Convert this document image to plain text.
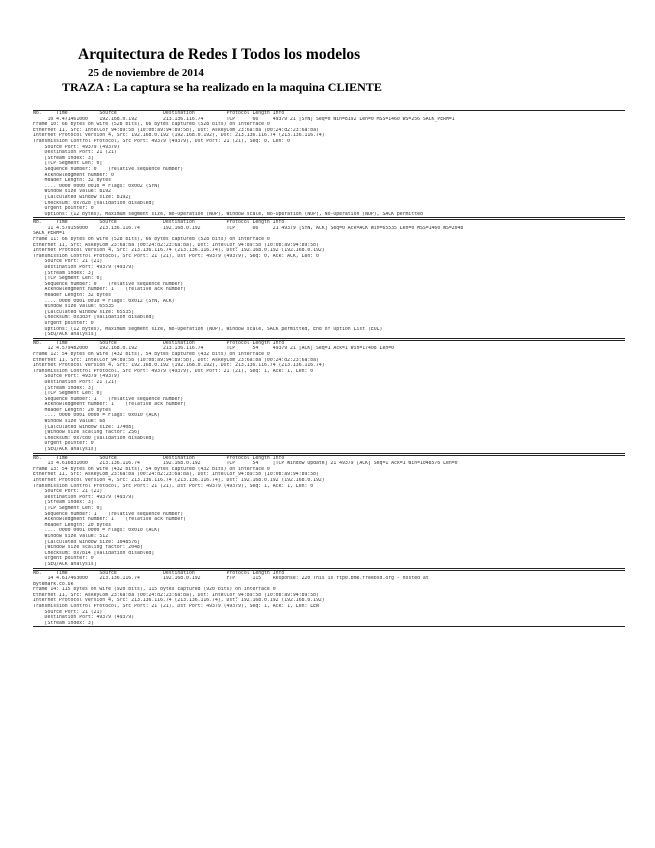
Arquitectura de Redes I Todos los modelos
25 de noviembre de 2014
TRAZA : La captura se ha realizado en la maquina CLIENTE
No.     Time           Source                Destination           Protocol Length Info
10 4.471461000    192.168.0.192         213.136.116.74        TCP      66     49379 21 [SYN] Seq=0 Win=8192 Len=0 MSS=1460 WS=256 SACK_PERM=1
Frame 10: 66 bytes on wire (528 bits), 66 bytes captured (528 bits) on interface 0
Ethernet II, Src: IntelCor_94:89:5b (10:0b:a9:94:89:5b), Dst: AskeyCom_23:6a:ba (00:24:d2:23:6a:ba)
Internet Protocol Version 4, Src: 192.168.0.192 (192.168.0.192), Dst: 213.136.116.74 (213.136.116.74)
Transmission Control Protocol, Src Port: 49379 (49379), Dst Port: 21 (21), Seq: 0, Len: 0
Source Port: 49379 (49379)
Destination Port: 21 (21)
[Stream index: 3]
[TCP Segment Len: 0]
Sequence number: 0    (relative sequence number)
Acknowledgment number: 0
Header Length: 32 bytes
.... 0000 0000 0010 = Flags: 0x002 (SYN)
Window size value: 8192
[Calculated window size: 8192]
Checksum: 0x7b2d [validation disabled]
Urgent pointer: 0
Options: (12 bytes), Maximum segment size, No-Operation (NOP), Window scale, No-Operation (NOP), No-Operation (NOP), SACK permitted
No.     Time           Source                Destination           Protocol Length Info
11 4.579156000    213.136.116.74        192.168.0.192         TCP      66     21 49379 [SYN, ACK] Seq=0 Ack=ACK Win=65535 Len=0 MSS=1460 WS=2048
SACK_PERM=1
Frame 11: 66 bytes on wire (528 bits), 66 bytes captured (528 bits) on interface 0
Ethernet II, Src: AskeyCom_23:6a:ba (00:24:d2:23:6a:ba), Dst: IntelCor_94:89:5b (10:0b:a9:94:89:5b)
Internet Protocol Version 4, Src: 213.136.116.74 (213.136.116.74), Dst: 192.168.0.192 (192.168.0.192)
Transmission Control Protocol, Src Port: 21 (21), Dst Port: 49379 (49379), Seq: 0, Ack: ACK, Len: 0
Source Port: 21 (21)
Destination Port: 49379 (49379)
[Stream index: 3]
[TCP Segment Len: 0]
Sequence number: 0    (relative sequence number)
Acknowledgment number: 1    (relative ack number)
Header Length: 32 bytes
.... 0000 0001 0010 = Flags: 0x012 (SYN, ACK)
Window size value: 65535
[Calculated window size: 65535]
Checksum: 0x3d3f [validation disabled]
Urgent pointer: 0
Options: (12 bytes), Maximum segment size, No-Operation (NOP), Window scale, SACK permitted, End of Option List (EOL)
[SEQ/ACK analysis]
No.     Time           Source                Destination           Protocol Length Info
12 4.579482000    192.168.0.192         213.136.116.74        TCP      54     49379 21 [ACK] Seq=1 Ack=1 Win=17408 Len=0
Frame 12: 54 bytes on wire (432 bits), 54 bytes captured (432 bits) on interface 0
Ethernet II, Src: IntelCor_94:89:5b (10:0b:a9:94:89:5b), Dst: AskeyCom_23:6a:ba (00:24:d2:23:6a:ba)
Internet Protocol Version 4, Src: 192.168.0.192 (192.168.0.192), Dst: 213.136.116.74 (213.136.116.74)
Transmission Control Protocol, Src Port: 49379 (49379), Dst Port: 21 (21), Seq: 1, Ack: 1, Len: 0
Source Port: 49379 (49379)
Destination Port: 21 (21)
[Stream index: 3]
[TCP Segment Len: 0]
Sequence number: 1    (relative sequence number)
Acknowledgment number: 1    (relative ack number)
Header Length: 20 bytes
.... 0000 0001 0000 = Flags: 0x010 (ACK)
Window size value: 68
[Calculated window size: 17408]
[Window size scaling factor: 256]
Checksum: 0x7cd0 [validation disabled]
Urgent pointer: 0
[SEQ/ACK analysis]
No.     Time           Source                Destination           Protocol Length Info
13 4.616831000    213.136.116.74        192.168.0.192         TCP      54     [TCP Window Update] 21 49379 [ACK] Seq=1 Ack=1 Win=1048576 Len=0
Frame 13: 54 bytes on wire (432 bits), 54 bytes captured (432 bits) on interface 0
Ethernet II, Src: AskeyCom_23:6a:ba (00:24:d2:23:6a:ba), Dst: IntelCor_94:89:5b (10:0b:a9:94:89:5b)
Internet Protocol Version 4, Src: 213.136.116.74 (213.136.116.74), Dst: 192.168.0.192 (192.168.0.192)
Transmission Control Protocol, Src Port: 21 (21), Dst Port: 49379 (49379), Seq: 1, Ack: 1, Len: 0
Source Port: 21 (21)
Destination Port: 49379 (49379)
[Stream index: 3]
[TCP Segment Len: 0]
Sequence number: 1    (relative sequence number)
Acknowledgment number: 1    (relative ack number)
Header Length: 20 bytes
.... 0000 0001 0000 = Flags: 0x010 (ACK)
Window size value: 512
[Calculated window size: 1048576]
[Window size scaling factor: 2048]
Checksum: 0x7b14 [validation disabled]
Urgent pointer: 0
[SEQ/ACK analysis]
No.     Time           Source                Destination           Protocol Length Info
14 4.617463000    213.136.116.74        192.168.0.192         FTP      115    Response: 220 This is ftp0.bme.freebsd.org - hosted at
Bytemark.co.uk
Frame 14: 115 bytes on wire (920 bits), 115 bytes captured (920 bits) on interface 0
Ethernet II, Src: AskeyCom_23:6a:ba (00:24:d2:23:6a:ba), Dst: IntelCor_94:89:5b (10:0b:a9:94:89:5b)
Internet Protocol Version 4, Src: 213.136.116.74 (213.136.116.74), Dst: 192.168.0.192 (192.168.0.192)
Transmission Control Protocol, Src Port: 21 (21), Dst Port: 49379 (49379), Seq: 1, Ack: 1, Len: LEN
Source Port: 21 (21)
Destination Port: 49379 (49379)
[Stream index: 3]
